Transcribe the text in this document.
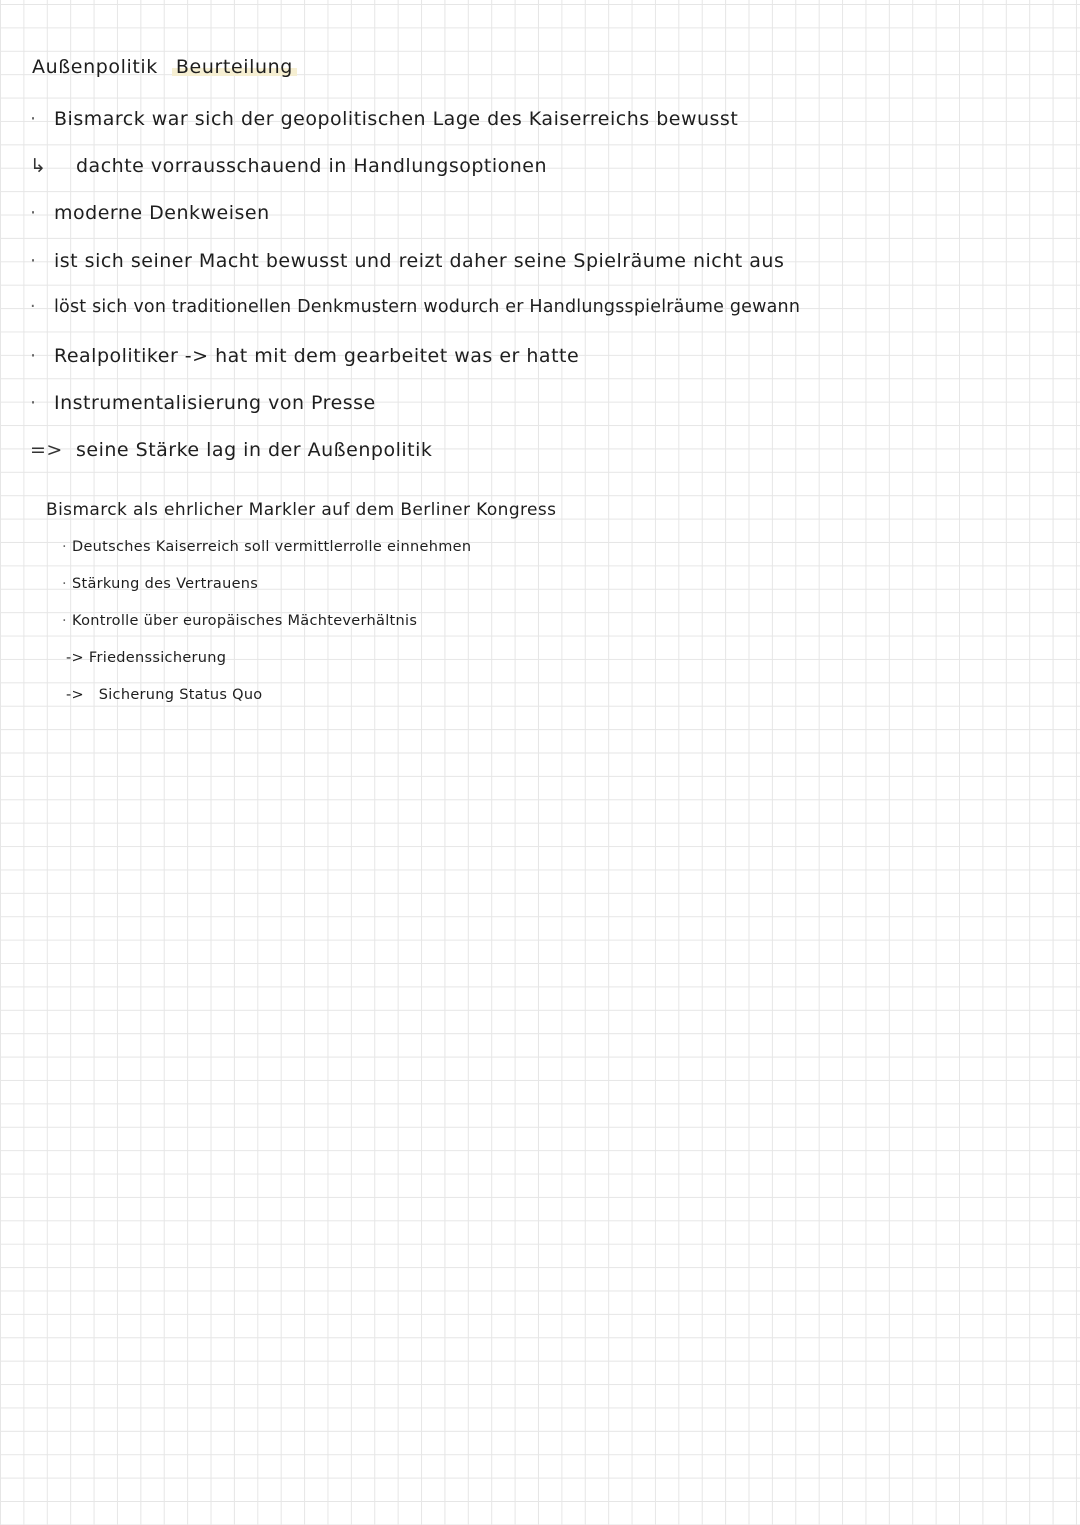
Außenpolitik Beurteilung
· Bismarck war sich der geopolitischen Lage des Kaiserreichs bewusst
↳ dachte vorrausschauend in Handlungsoptionen
· moderne Denkweisen
· ist sich seiner Macht bewusst und reizt daher seine Spielräume nicht aus
· löst sich von traditionellen Denkmustern wodurch er Handlungsspielräume gewann
· Realpolitiker -> hat mit dem gearbeitet was er hatte
· Instrumentalisierung von Presse
=> seine Stärke lag in der Außenpolitik
Bismarck als ehrlicher Markler auf dem Berliner Kongress
· Deutsches Kaiserreich soll vermittlerrolle einnehmen
· Stärkung des Vertrauens
· Kontrolle über europäisches Mächteverhältnis
-> Friedenssicherung
-> Sicherung Status Quo
